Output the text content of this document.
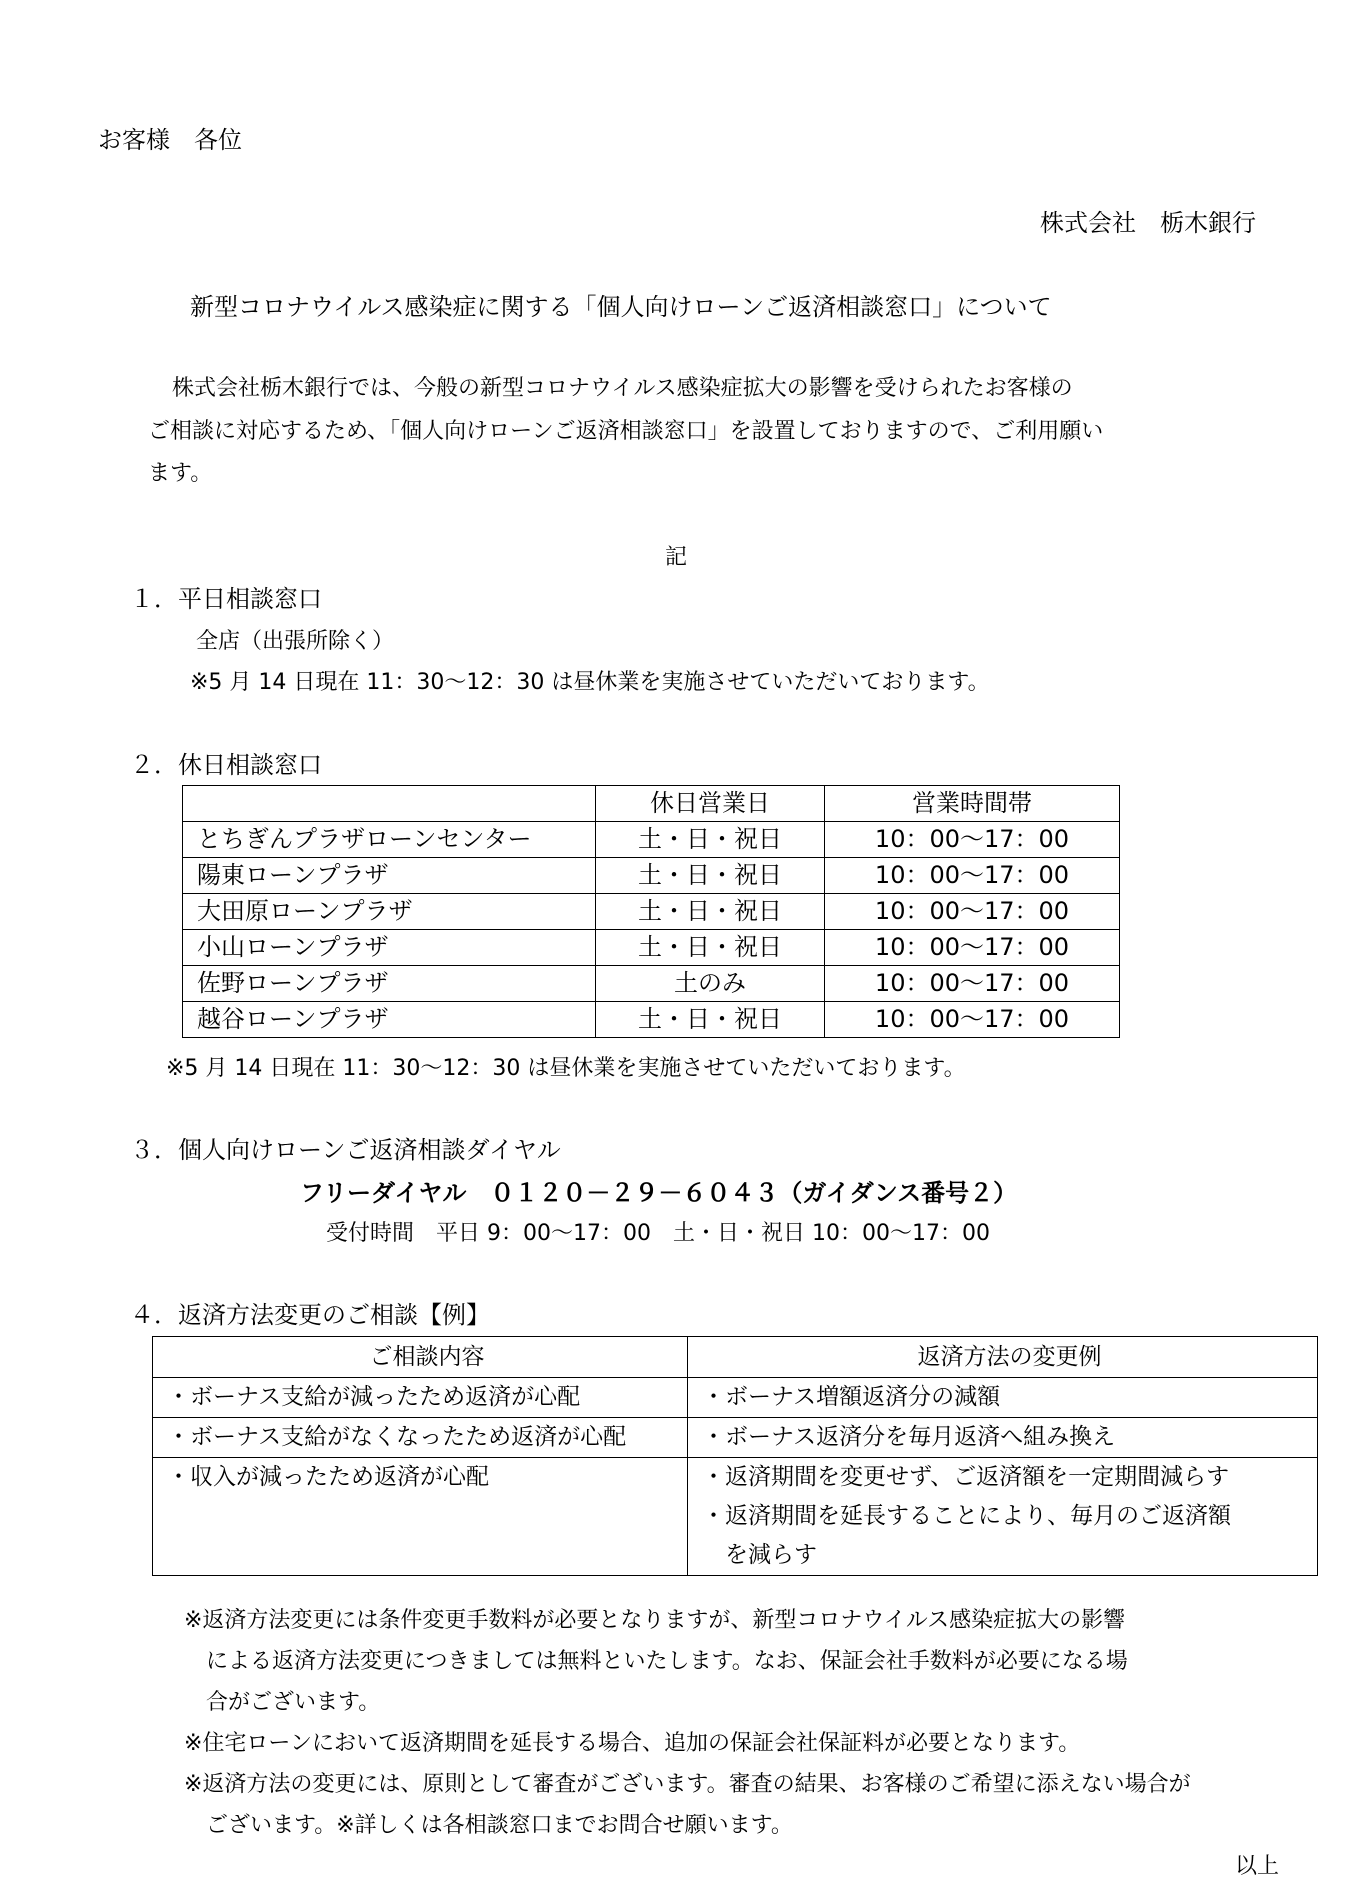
お客様　各位
株式会社　栃木銀行
新型コロナウイルス感染症に関する「個人向けローンご返済相談窓口」について
株式会社栃木銀行では、今般の新型コロナウイルス感染症拡大の影響を受けられたお客様の
ご相談に対応するため、「個人向けローンご返済相談窓口」を設置しておりますので、ご利用願い
ます。
記
１．平日相談窓口
全店（出張所除く）
※5 月 14 日現在 11：30～12：30 は昼休業を実施させていただいております。
２．休日相談窓口
	休日営業日	営業時間帯
とちぎんプラザローンセンター	土・日・祝日	10：00～17：00
陽東ローンプラザ	土・日・祝日	10：00～17：00
大田原ローンプラザ	土・日・祝日	10：00～17：00
小山ローンプラザ	土・日・祝日	10：00～17：00
佐野ローンプラザ	土のみ	10：00～17：00
越谷ローンプラザ	土・日・祝日	10：00～17：00
※5 月 14 日現在 11：30～12：30 は昼休業を実施させていただいております。
３．個人向けローンご返済相談ダイヤル
フリーダイヤル　０１２０－２９－６０４３（ガイダンス番号２）
受付時間　平日 9：00～17：00　土・日・祝日 10：00～17：00
４．返済方法変更のご相談【例】
ご相談内容	返済方法の変更例

・ボーナス支給が減ったため返済が心配	・ボーナス増額返済分の減額

・ボーナス支給がなくなったため返済が心配	・ボーナス返済分を毎月返済へ組み換え

・収入が減ったため返済が心配	・返済期間を変更せず、ご返済額を一定期間減らす
・返済期間を延長することにより、毎月のご返済額
　を減らす
※返済方法変更には条件変更手数料が必要となりますが、新型コロナウイルス感染症拡大の影響
　による返済方法変更につきましては無料といたします。なお、保証会社手数料が必要になる場
　合がございます。
※住宅ローンにおいて返済期間を延長する場合、追加の保証会社保証料が必要となります。
※返済方法の変更には、原則として審査がございます。審査の結果、お客様のご希望に添えない場合が
　ございます。※詳しくは各相談窓口までお問合せ願います。
以上
